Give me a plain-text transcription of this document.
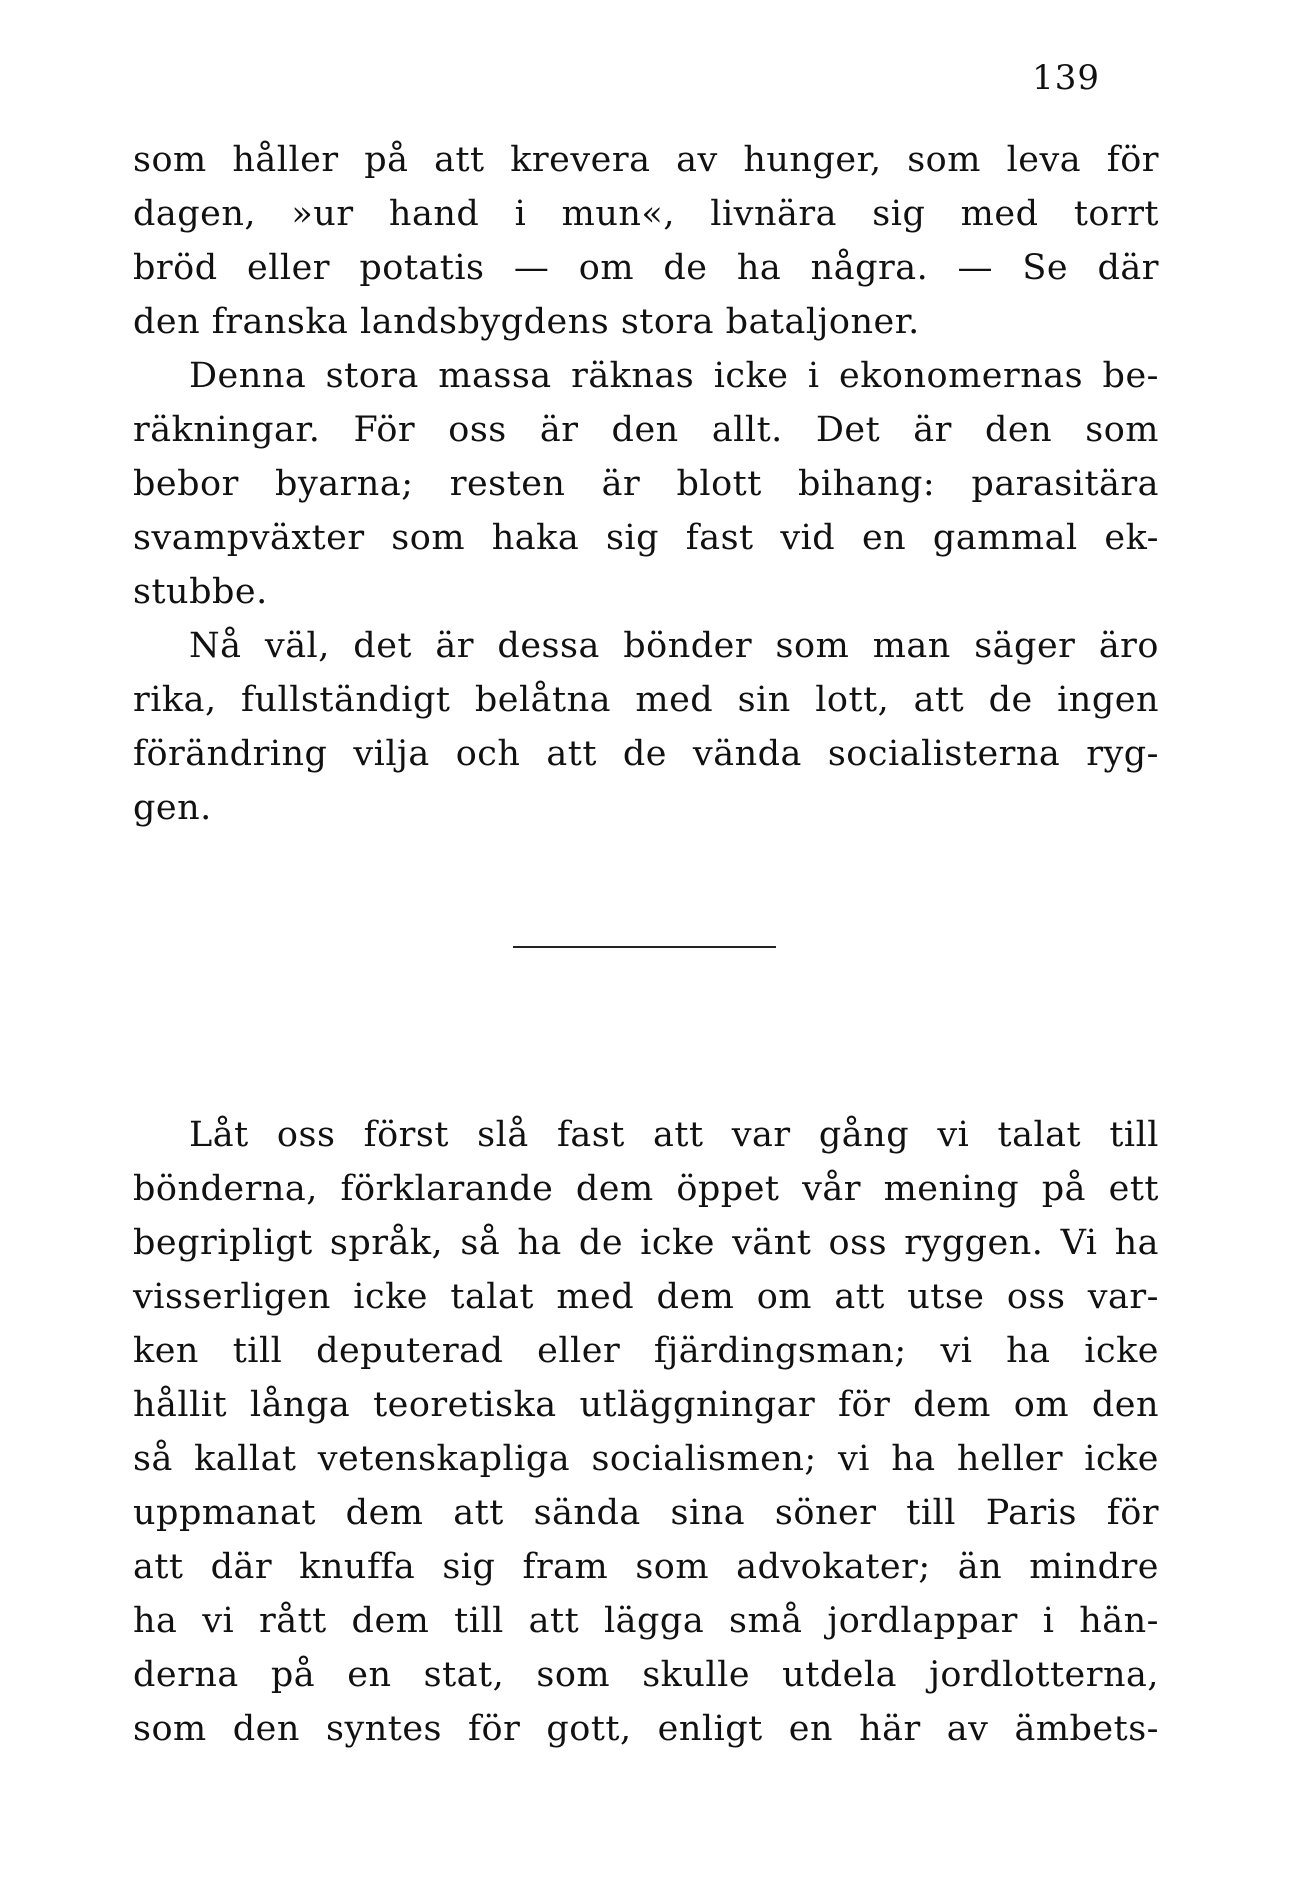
139
som håller på att krevera av hunger, som leva för
dagen, »ur hand i mun«, livnära sig med torrt
bröd eller potatis — om de ha några. — Se där
den franska landsbygdens stora bataljoner.
Denna stora massa räknas icke i ekonomernas be-
räkningar. För oss är den allt. Det är den som
bebor byarna; resten är blott bihang: parasitära
svampväxter som haka sig fast vid en gammal ek-
stubbe.
Nå väl, det är dessa bönder som man säger äro
rika, fullständigt belåtna med sin lott, att de ingen
förändring vilja och att de vända socialisterna ryg-
gen.
Låt oss först slå fast att var gång vi talat till
bönderna, förklarande dem öppet vår mening på ett
begripligt språk, så ha de icke vänt oss ryggen. Vi ha
visserligen icke talat med dem om att utse oss var-
ken till deputerad eller fjärdingsman; vi ha icke
hållit långa teoretiska utläggningar för dem om den
så kallat vetenskapliga socialismen; vi ha heller icke
uppmanat dem att sända sina söner till Paris för
att där knuffa sig fram som advokater; än mindre
ha vi rått dem till att lägga små jordlappar i hän-
derna på en stat, som skulle utdela jordlotterna,
som den syntes för gott, enligt en här av ämbets-
